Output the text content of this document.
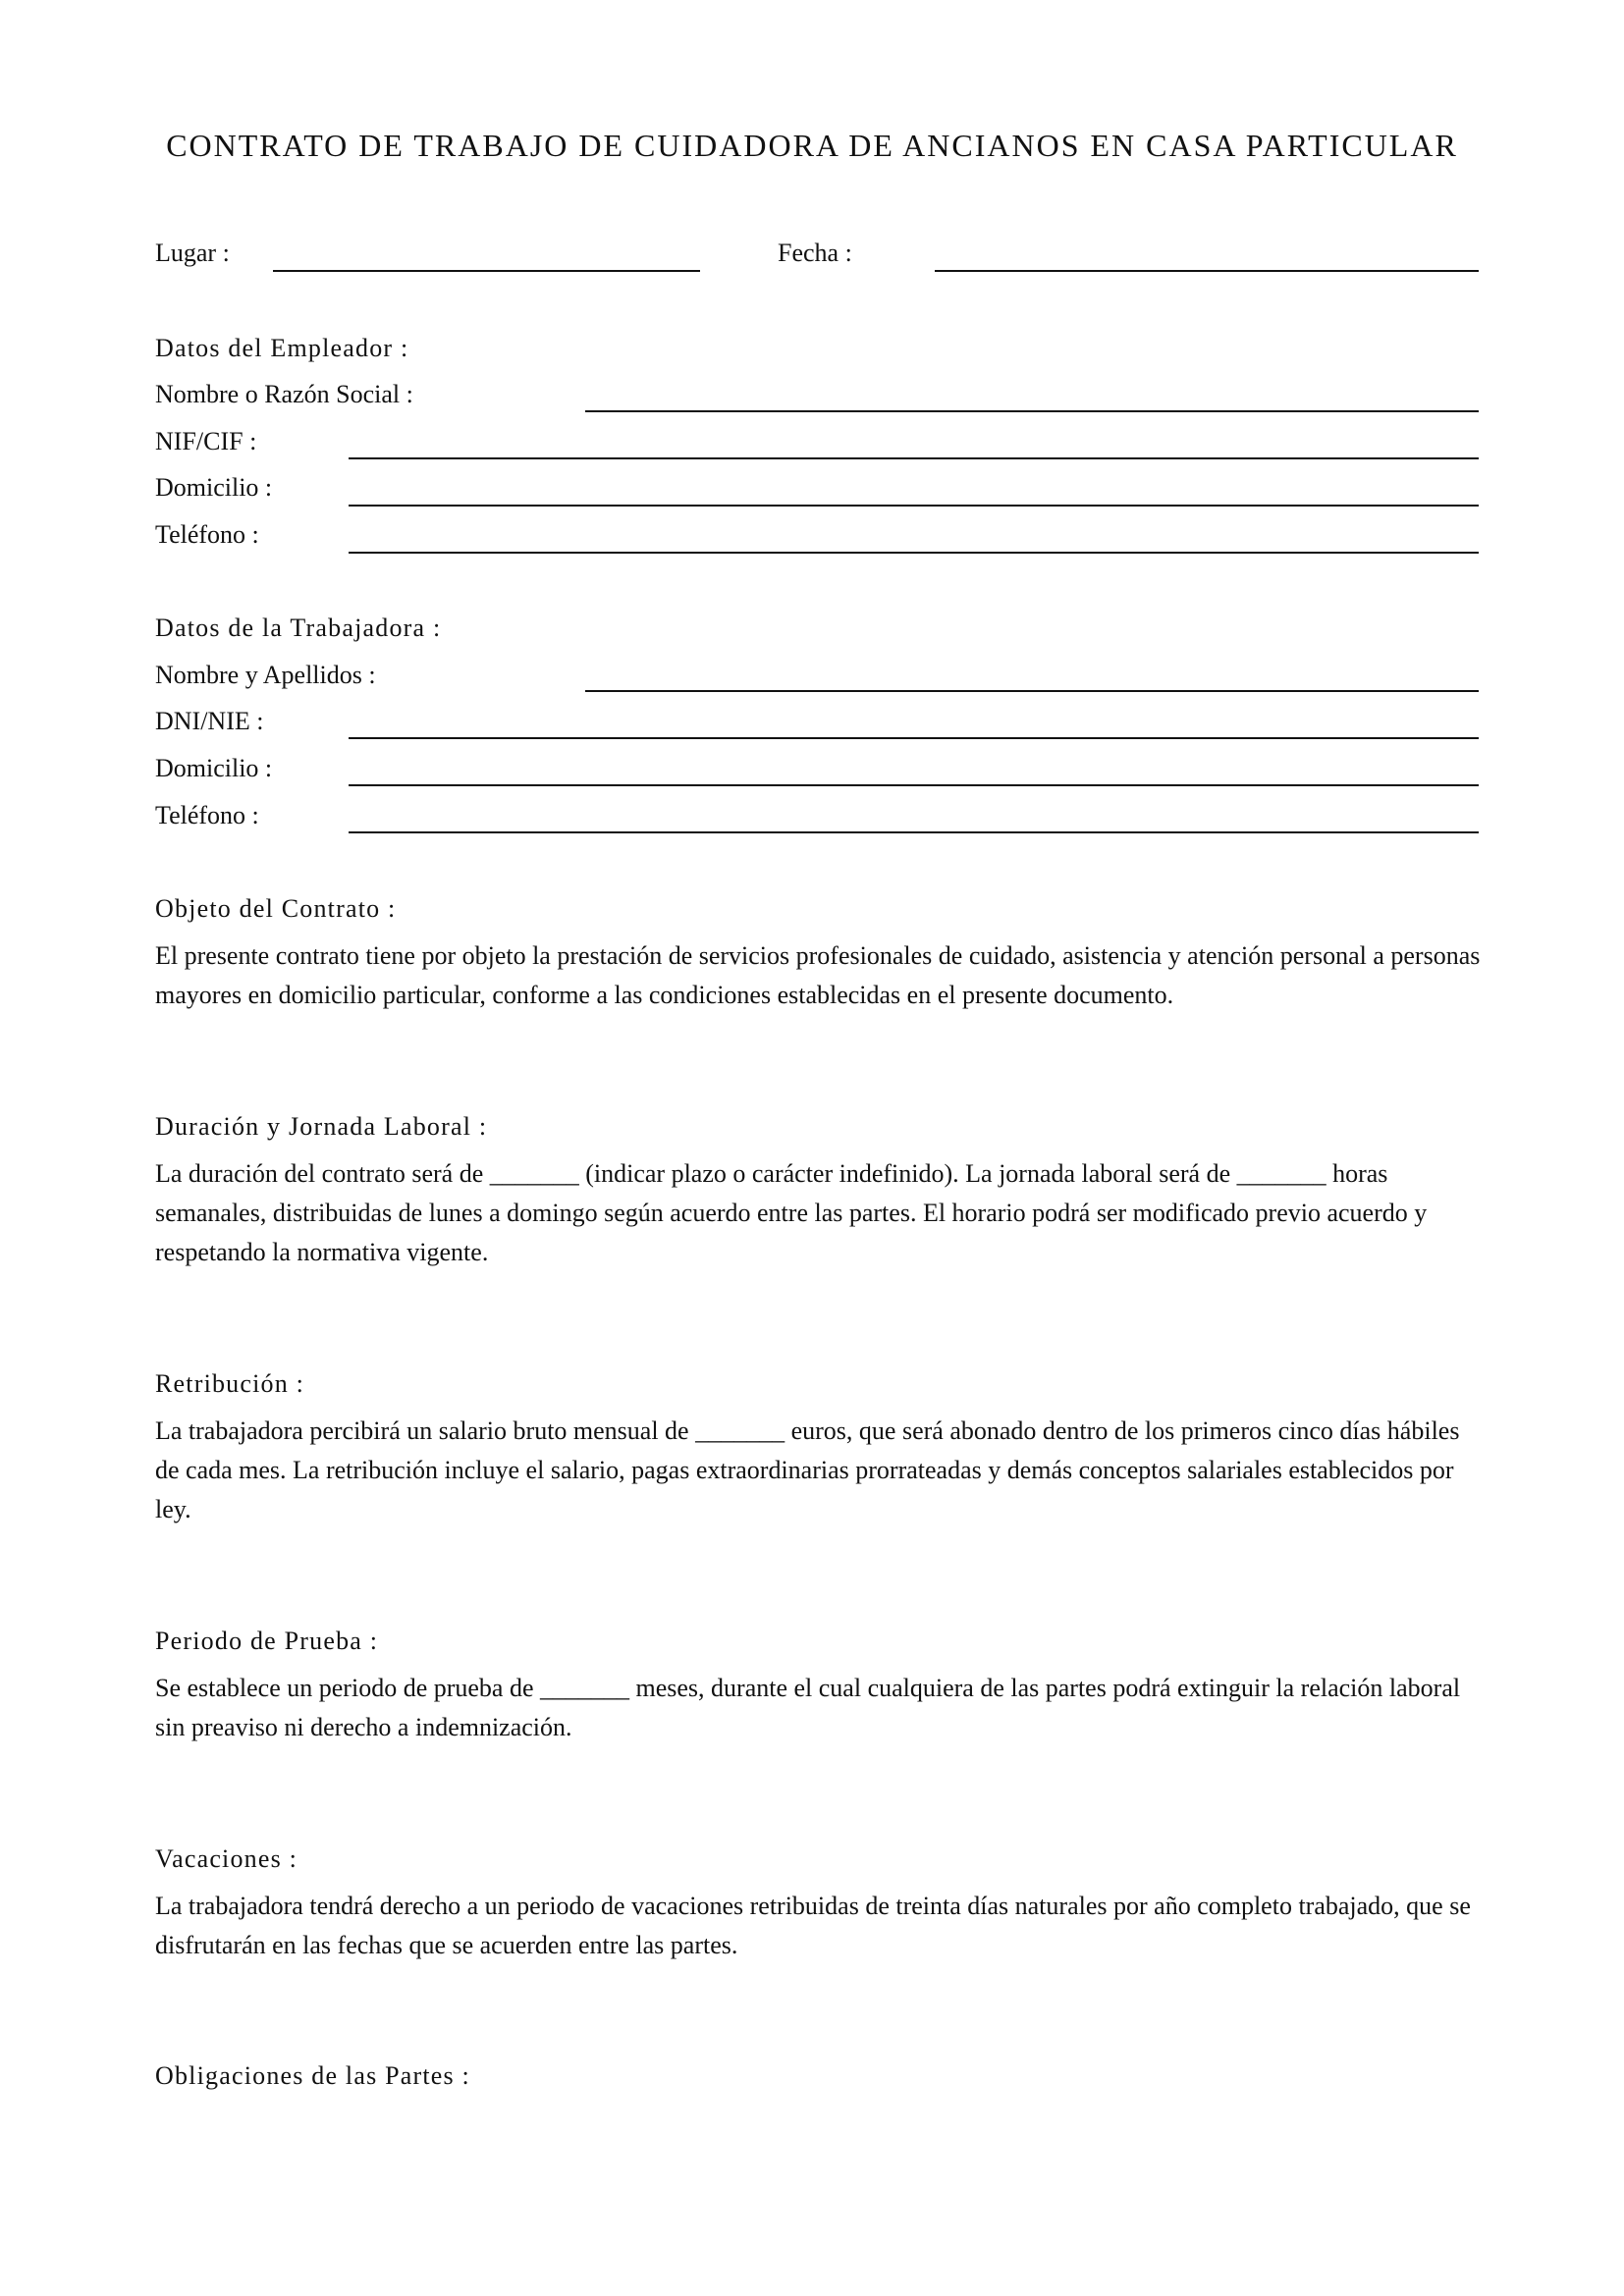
CONTRATO DE TRABAJO DE CUIDADORA DE ANCIANOS EN CASA PARTICULAR
Lugar :	Fecha :
Datos del Empleador :
Nombre o Razón Social :
NIF/CIF :
Domicilio :
Teléfono :
Datos de la Trabajadora :
Nombre y Apellidos :
DNI/NIE :
Domicilio :
Teléfono :
Objeto del Contrato :
El presente contrato tiene por objeto la prestación de servicios profesionales de cuidado, asistencia y atención personal a personas mayores en domicilio particular, conforme a las condiciones establecidas en el presente documento.
Duración y Jornada Laboral :
La duración del contrato será de _______ (indicar plazo o carácter indefinido). La jornada laboral será de _______ horas semanales, distribuidas de lunes a domingo según acuerdo entre las partes. El horario podrá ser modificado previo acuerdo y respetando la normativa vigente.
Retribución :
La trabajadora percibirá un salario bruto mensual de _______ euros, que será abonado dentro de los primeros cinco días hábiles de cada mes. La retribución incluye el salario, pagas extraordinarias prorrateadas y demás conceptos salariales establecidos por ley.
Periodo de Prueba :
Se establece un periodo de prueba de _______ meses, durante el cual cualquiera de las partes podrá extinguir la relación laboral sin preaviso ni derecho a indemnización.
Vacaciones :
La trabajadora tendrá derecho a un periodo de vacaciones retribuidas de treinta días naturales por año completo trabajado, que se disfrutarán en las fechas que se acuerden entre las partes.
Obligaciones de las Partes :
